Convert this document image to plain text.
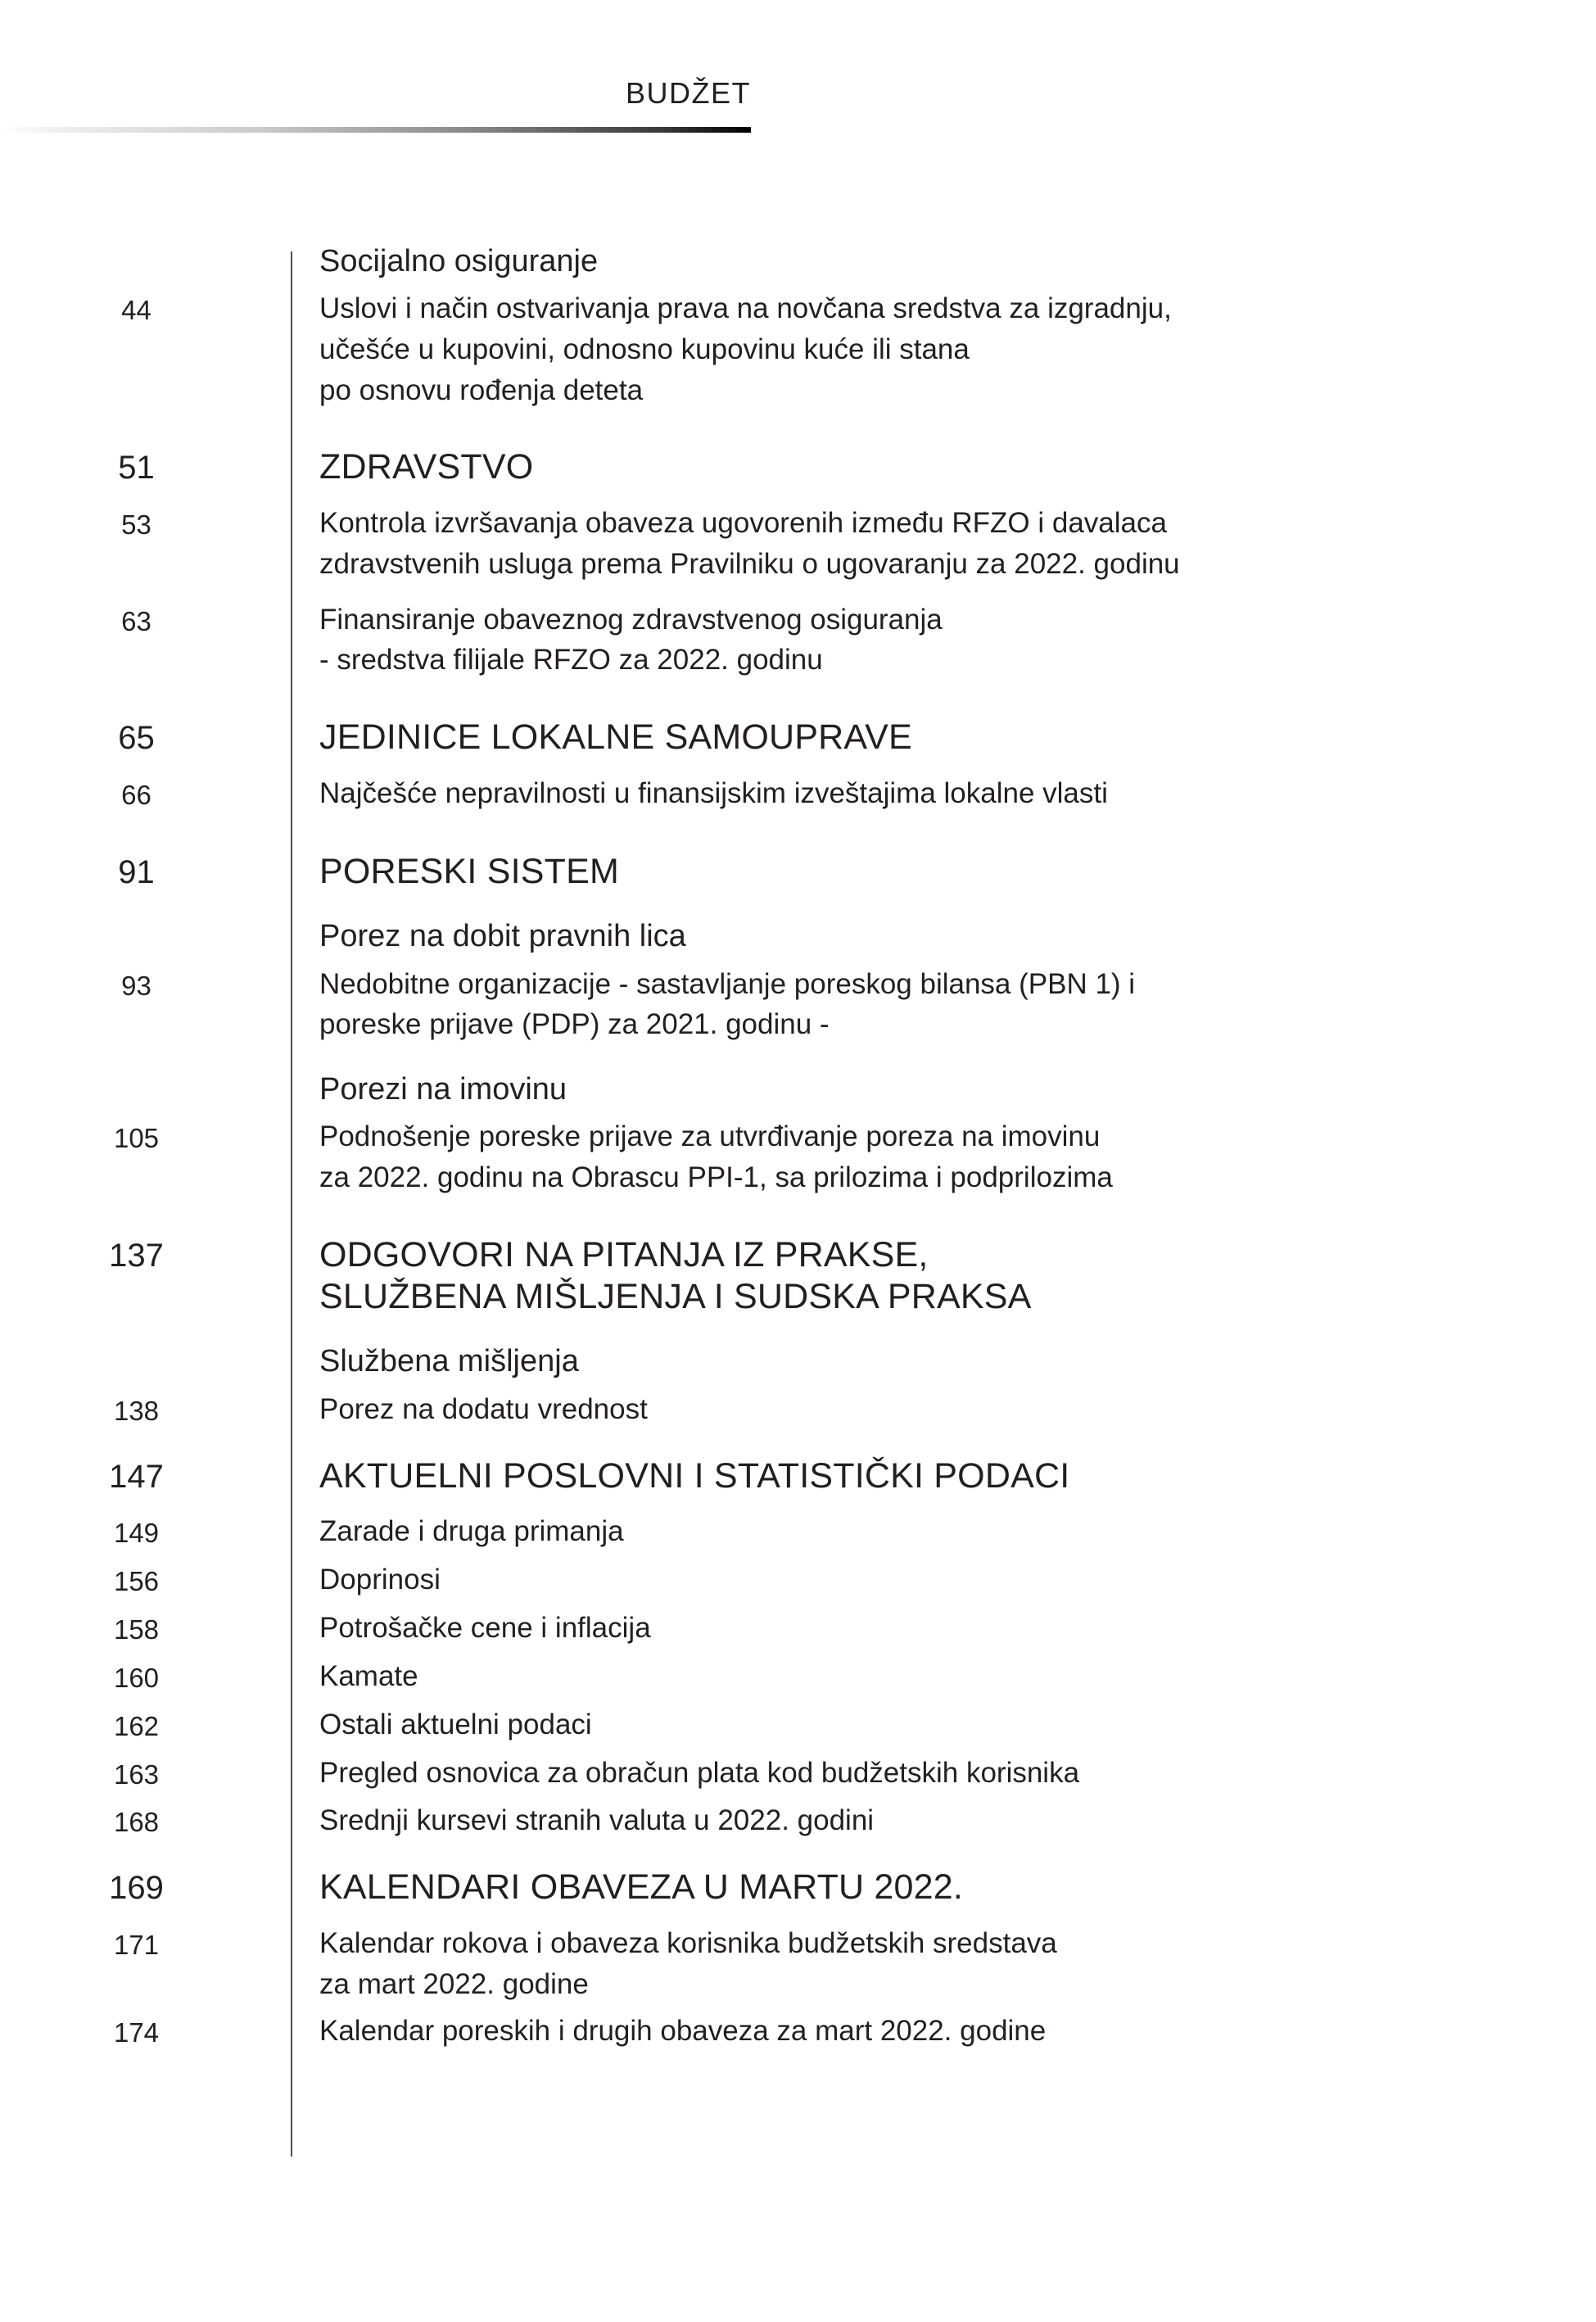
BUDŽET
Socijalno osiguranje
44	Uslovi i način ostvarivanja prava na novčana sredstva za izgradnju,
učešće u kupovini, odnosno kupovinu kuće ili stana
po osnovu rođenja deteta
51	ZDRAVSTVO
53	Kontrola izvršavanja obaveza ugovorenih između RFZO i davalaca
zdravstvenih usluga prema Pravilniku o ugovaranju za 2022. godinu
63	Finansiranje obaveznog zdravstvenog osiguranja
- sredstva filijale RFZO za 2022. godinu
65	JEDINICE LOKALNE SAMOUPRAVE
66	Najčešće nepravilnosti u finansijskim izveštajima lokalne vlasti
91	PORESKI SISTEM
Porez na dobit pravnih lica
93	Nedobitne organizacije - sastavljanje poreskog bilansa (PBN 1) i
poreske prijave (PDP) za 2021. godinu -
Porezi na imovinu
105	Podnošenje poreske prijave za utvrđivanje poreza na imovinu
za 2022. godinu na Obrascu PPI-1, sa prilozima i podprilozima
137	ODGOVORI NA PITANJA IZ PRAKSE,
SLUŽBENA MIŠLJENJA I SUDSKA PRAKSA
Službena mišljenja
138	Porez na dodatu vrednost
147	AKTUELNI POSLOVNI I STATISTIČKI PODACI
149	Zarade i druga primanja
156	Doprinosi
158	Potrošačke cene i inflacija
160	Kamate
162	Ostali aktuelni podaci
163	Pregled osnovica za obračun plata kod budžetskih korisnika
168	Srednji kursevi stranih valuta u 2022. godini
169	KALENDARI OBAVEZA U MARTU 2022.
171	Kalendar rokova i obaveza korisnika budžetskih sredstava
za mart 2022. godine
174	Kalendar poreskih i drugih obaveza za mart 2022. godine
